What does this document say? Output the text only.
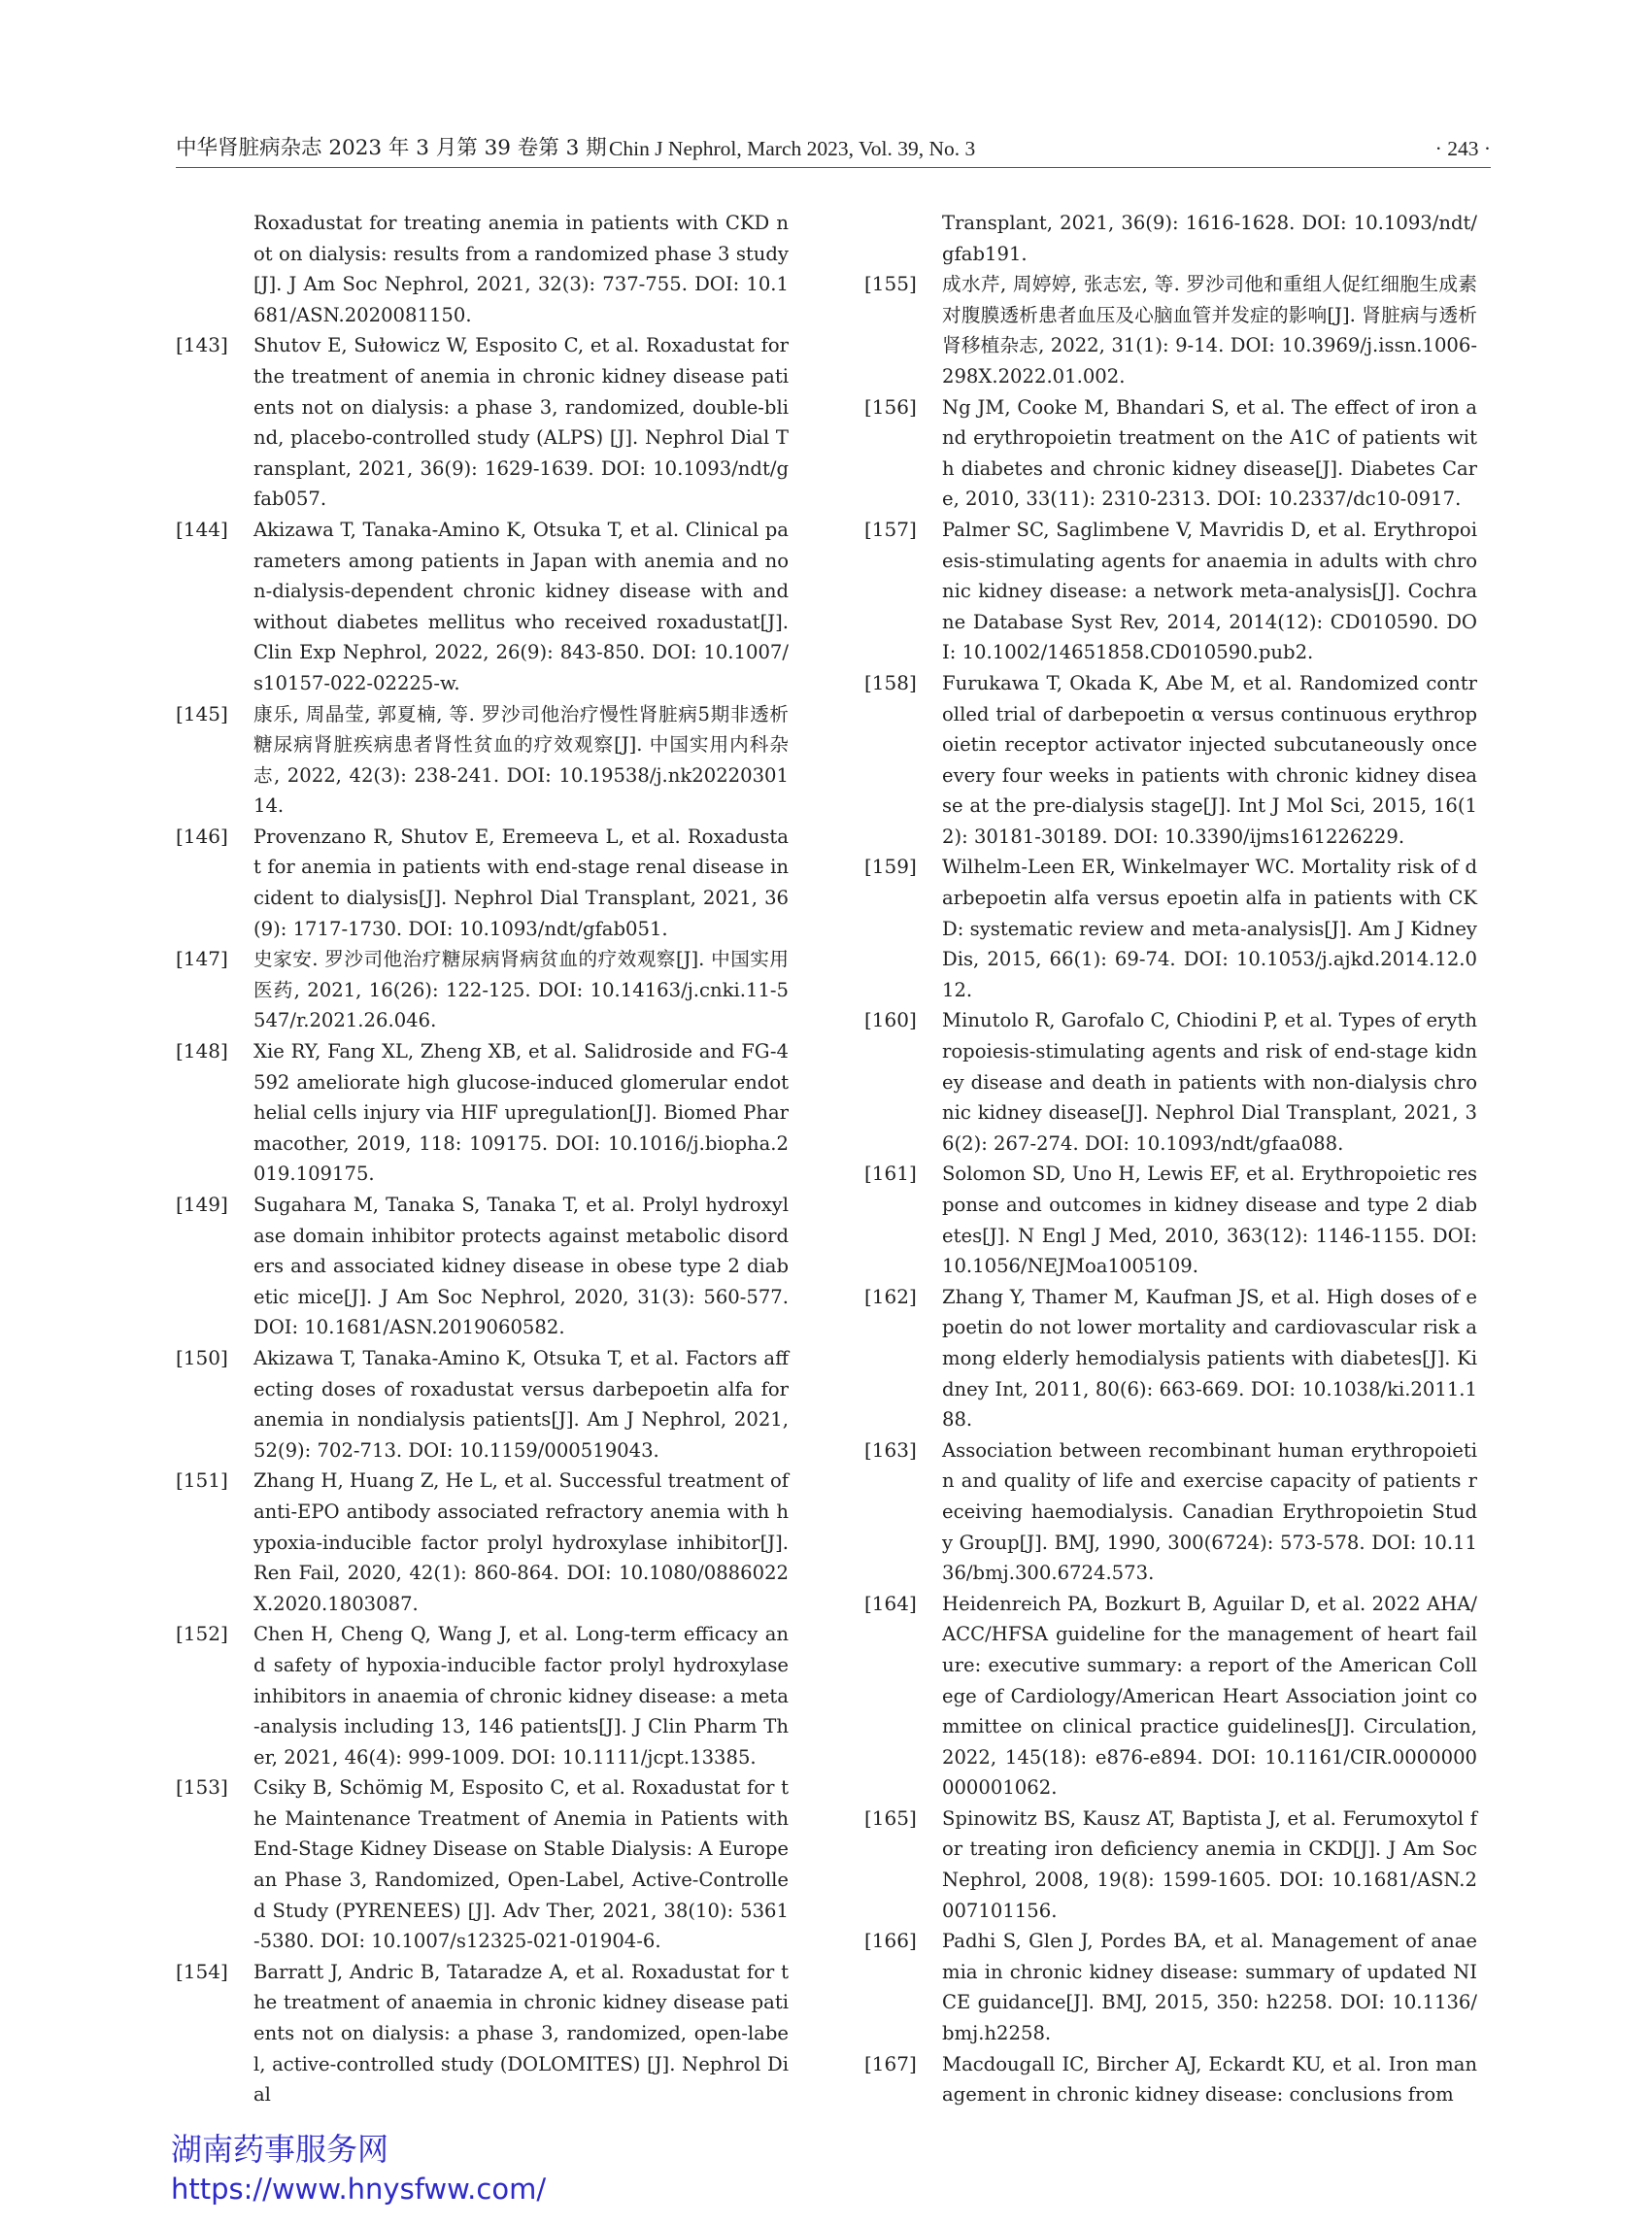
中华肾脏病杂志 2023 年 3 月第 39 卷第 3 期 Chin J Nephrol, March 2023, Vol. 39, No. 3	· 243 ·
Roxadustat for treating anemia in patients with CKD not on dialysis: results from a randomized phase 3 study[J]. J Am Soc Nephrol, 2021, 32(3): 737-755. DOI: 10.1681/ASN.2020081150.
[143]	Shutov E, Sułowicz W, Esposito C, et al. Roxadustat for the treatment of anemia in chronic kidney disease patients not on dialysis: a phase 3, randomized, double-blind, placebo-controlled study (ALPS) [J]. Nephrol Dial Transplant, 2021, 36(9): 1629-1639. DOI: 10.1093/ndt/gfab057.
[144]	Akizawa T, Tanaka-Amino K, Otsuka T, et al. Clinical parameters among patients in Japan with anemia and non-dialysis-dependent chronic kidney disease with and without diabetes mellitus who received roxadustat[J]. Clin Exp Nephrol, 2022, 26(9): 843-850. DOI: 10.1007/s10157-022-02225-w.
[145]	康乐, 周晶莹, 郭夏楠, 等. 罗沙司他治疗慢性肾脏病5期非透析糖尿病肾脏疾病患者肾性贫血的疗效观察[J]. 中国实用内科杂志, 2022, 42(3): 238-241. DOI: 10.19538/j.nk2022030114.
[146]	Provenzano R, Shutov E, Eremeeva L, et al. Roxadustat for anemia in patients with end-stage renal disease incident to dialysis[J]. Nephrol Dial Transplant, 2021, 36(9): 1717-1730. DOI: 10.1093/ndt/gfab051.
[147]	史家安. 罗沙司他治疗糖尿病肾病贫血的疗效观察[J]. 中国实用医药, 2021, 16(26): 122-125. DOI: 10.14163/j.cnki.11-5547/r.2021.26.046.
[148]	Xie RY, Fang XL, Zheng XB, et al. Salidroside and FG-4592 ameliorate high glucose-induced glomerular endothelial cells injury via HIF upregulation[J]. Biomed Pharmacother, 2019, 118: 109175. DOI: 10.1016/j.biopha.2019.109175.
[149]	Sugahara M, Tanaka S, Tanaka T, et al. Prolyl hydroxylase domain inhibitor protects against metabolic disorders and associated kidney disease in obese type 2 diabetic mice[J]. J Am Soc Nephrol, 2020, 31(3): 560-577. DOI: 10.1681/ASN.2019060582.
[150]	Akizawa T, Tanaka-Amino K, Otsuka T, et al. Factors affecting doses of roxadustat versus darbepoetin alfa for anemia in nondialysis patients[J]. Am J Nephrol, 2021, 52(9): 702-713. DOI: 10.1159/000519043.
[151]	Zhang H, Huang Z, He L, et al. Successful treatment of anti-EPO antibody associated refractory anemia with hypoxia-inducible factor prolyl hydroxylase inhibitor[J]. Ren Fail, 2020, 42(1): 860-864. DOI: 10.1080/0886022X.2020.1803087.
[152]	Chen H, Cheng Q, Wang J, et al. Long-term efficacy and safety of hypoxia-inducible factor prolyl hydroxylase inhibitors in anaemia of chronic kidney disease: a meta-analysis including 13, 146 patients[J]. J Clin Pharm Ther, 2021, 46(4): 999-1009. DOI: 10.1111/jcpt.13385.
[153]	Csiky B, Schömig M, Esposito C, et al. Roxadustat for the Maintenance Treatment of Anemia in Patients with End-Stage Kidney Disease on Stable Dialysis: A European Phase 3, Randomized, Open-Label, Active-Controlled Study (PYRENEES) [J]. Adv Ther, 2021, 38(10): 5361-5380. DOI: 10.1007/s12325-021-01904-6.
[154]	Barratt J, Andric B, Tataradze A, et al. Roxadustat for the treatment of anaemia in chronic kidney disease patients not on dialysis: a phase 3, randomized, open-label, active-controlled study (DOLOMITES) [J]. Nephrol Dial
Transplant, 2021, 36(9): 1616-1628. DOI: 10.1093/ndt/gfab191.
[155]	成水芹, 周婷婷, 张志宏, 等. 罗沙司他和重组人促红细胞生成素对腹膜透析患者血压及心脑血管并发症的影响[J]. 肾脏病与透析肾移植杂志, 2022, 31(1): 9-14. DOI: 10.3969/j.issn.1006-298X.2022.01.002.
[156]	Ng JM, Cooke M, Bhandari S, et al. The effect of iron and erythropoietin treatment on the A1C of patients with diabetes and chronic kidney disease[J]. Diabetes Care, 2010, 33(11): 2310-2313. DOI: 10.2337/dc10-0917.
[157]	Palmer SC, Saglimbene V, Mavridis D, et al. Erythropoiesis-stimulating agents for anaemia in adults with chronic kidney disease: a network meta-analysis[J]. Cochrane Database Syst Rev, 2014, 2014(12): CD010590. DOI: 10.1002/14651858.CD010590.pub2.
[158]	Furukawa T, Okada K, Abe M, et al. Randomized controlled trial of darbepoetin α versus continuous erythropoietin receptor activator injected subcutaneously once every four weeks in patients with chronic kidney disease at the pre-dialysis stage[J]. Int J Mol Sci, 2015, 16(12): 30181-30189. DOI: 10.3390/ijms161226229.
[159]	Wilhelm-Leen ER, Winkelmayer WC. Mortality risk of darbepoetin alfa versus epoetin alfa in patients with CKD: systematic review and meta-analysis[J]. Am J Kidney Dis, 2015, 66(1): 69-74. DOI: 10.1053/j.ajkd.2014.12.012.
[160]	Minutolo R, Garofalo C, Chiodini P, et al. Types of erythropoiesis-stimulating agents and risk of end-stage kidney disease and death in patients with non-dialysis chronic kidney disease[J]. Nephrol Dial Transplant, 2021, 36(2): 267-274. DOI: 10.1093/ndt/gfaa088.
[161]	Solomon SD, Uno H, Lewis EF, et al. Erythropoietic response and outcomes in kidney disease and type 2 diabetes[J]. N Engl J Med, 2010, 363(12): 1146-1155. DOI: 10.1056/NEJMoa1005109.
[162]	Zhang Y, Thamer M, Kaufman JS, et al. High doses of epoetin do not lower mortality and cardiovascular risk among elderly hemodialysis patients with diabetes[J]. Kidney Int, 2011, 80(6): 663-669. DOI: 10.1038/ki.2011.188.
[163]	Association between recombinant human erythropoietin and quality of life and exercise capacity of patients receiving haemodialysis. Canadian Erythropoietin Study Group[J]. BMJ, 1990, 300(6724): 573-578. DOI: 10.1136/bmj.300.6724.573.
[164]	Heidenreich PA, Bozkurt B, Aguilar D, et al. 2022 AHA/ACC/HFSA guideline for the management of heart failure: executive summary: a report of the American College of Cardiology/American Heart Association joint committee on clinical practice guidelines[J]. Circulation, 2022, 145(18): e876-e894. DOI: 10.1161/CIR.0000000000001062.
[165]	Spinowitz BS, Kausz AT, Baptista J, et al. Ferumoxytol for treating iron deficiency anemia in CKD[J]. J Am Soc Nephrol, 2008, 19(8): 1599-1605. DOI: 10.1681/ASN.2007101156.
[166]	Padhi S, Glen J, Pordes BA, et al. Management of anaemia in chronic kidney disease: summary of updated NICE guidance[J]. BMJ, 2015, 350: h2258. DOI: 10.1136/bmj.h2258.
[167]	Macdougall IC, Bircher AJ, Eckardt KU, et al. Iron management in chronic kidney disease: conclusions from
湖南药事服务网
https://www.hnysfww.com/
